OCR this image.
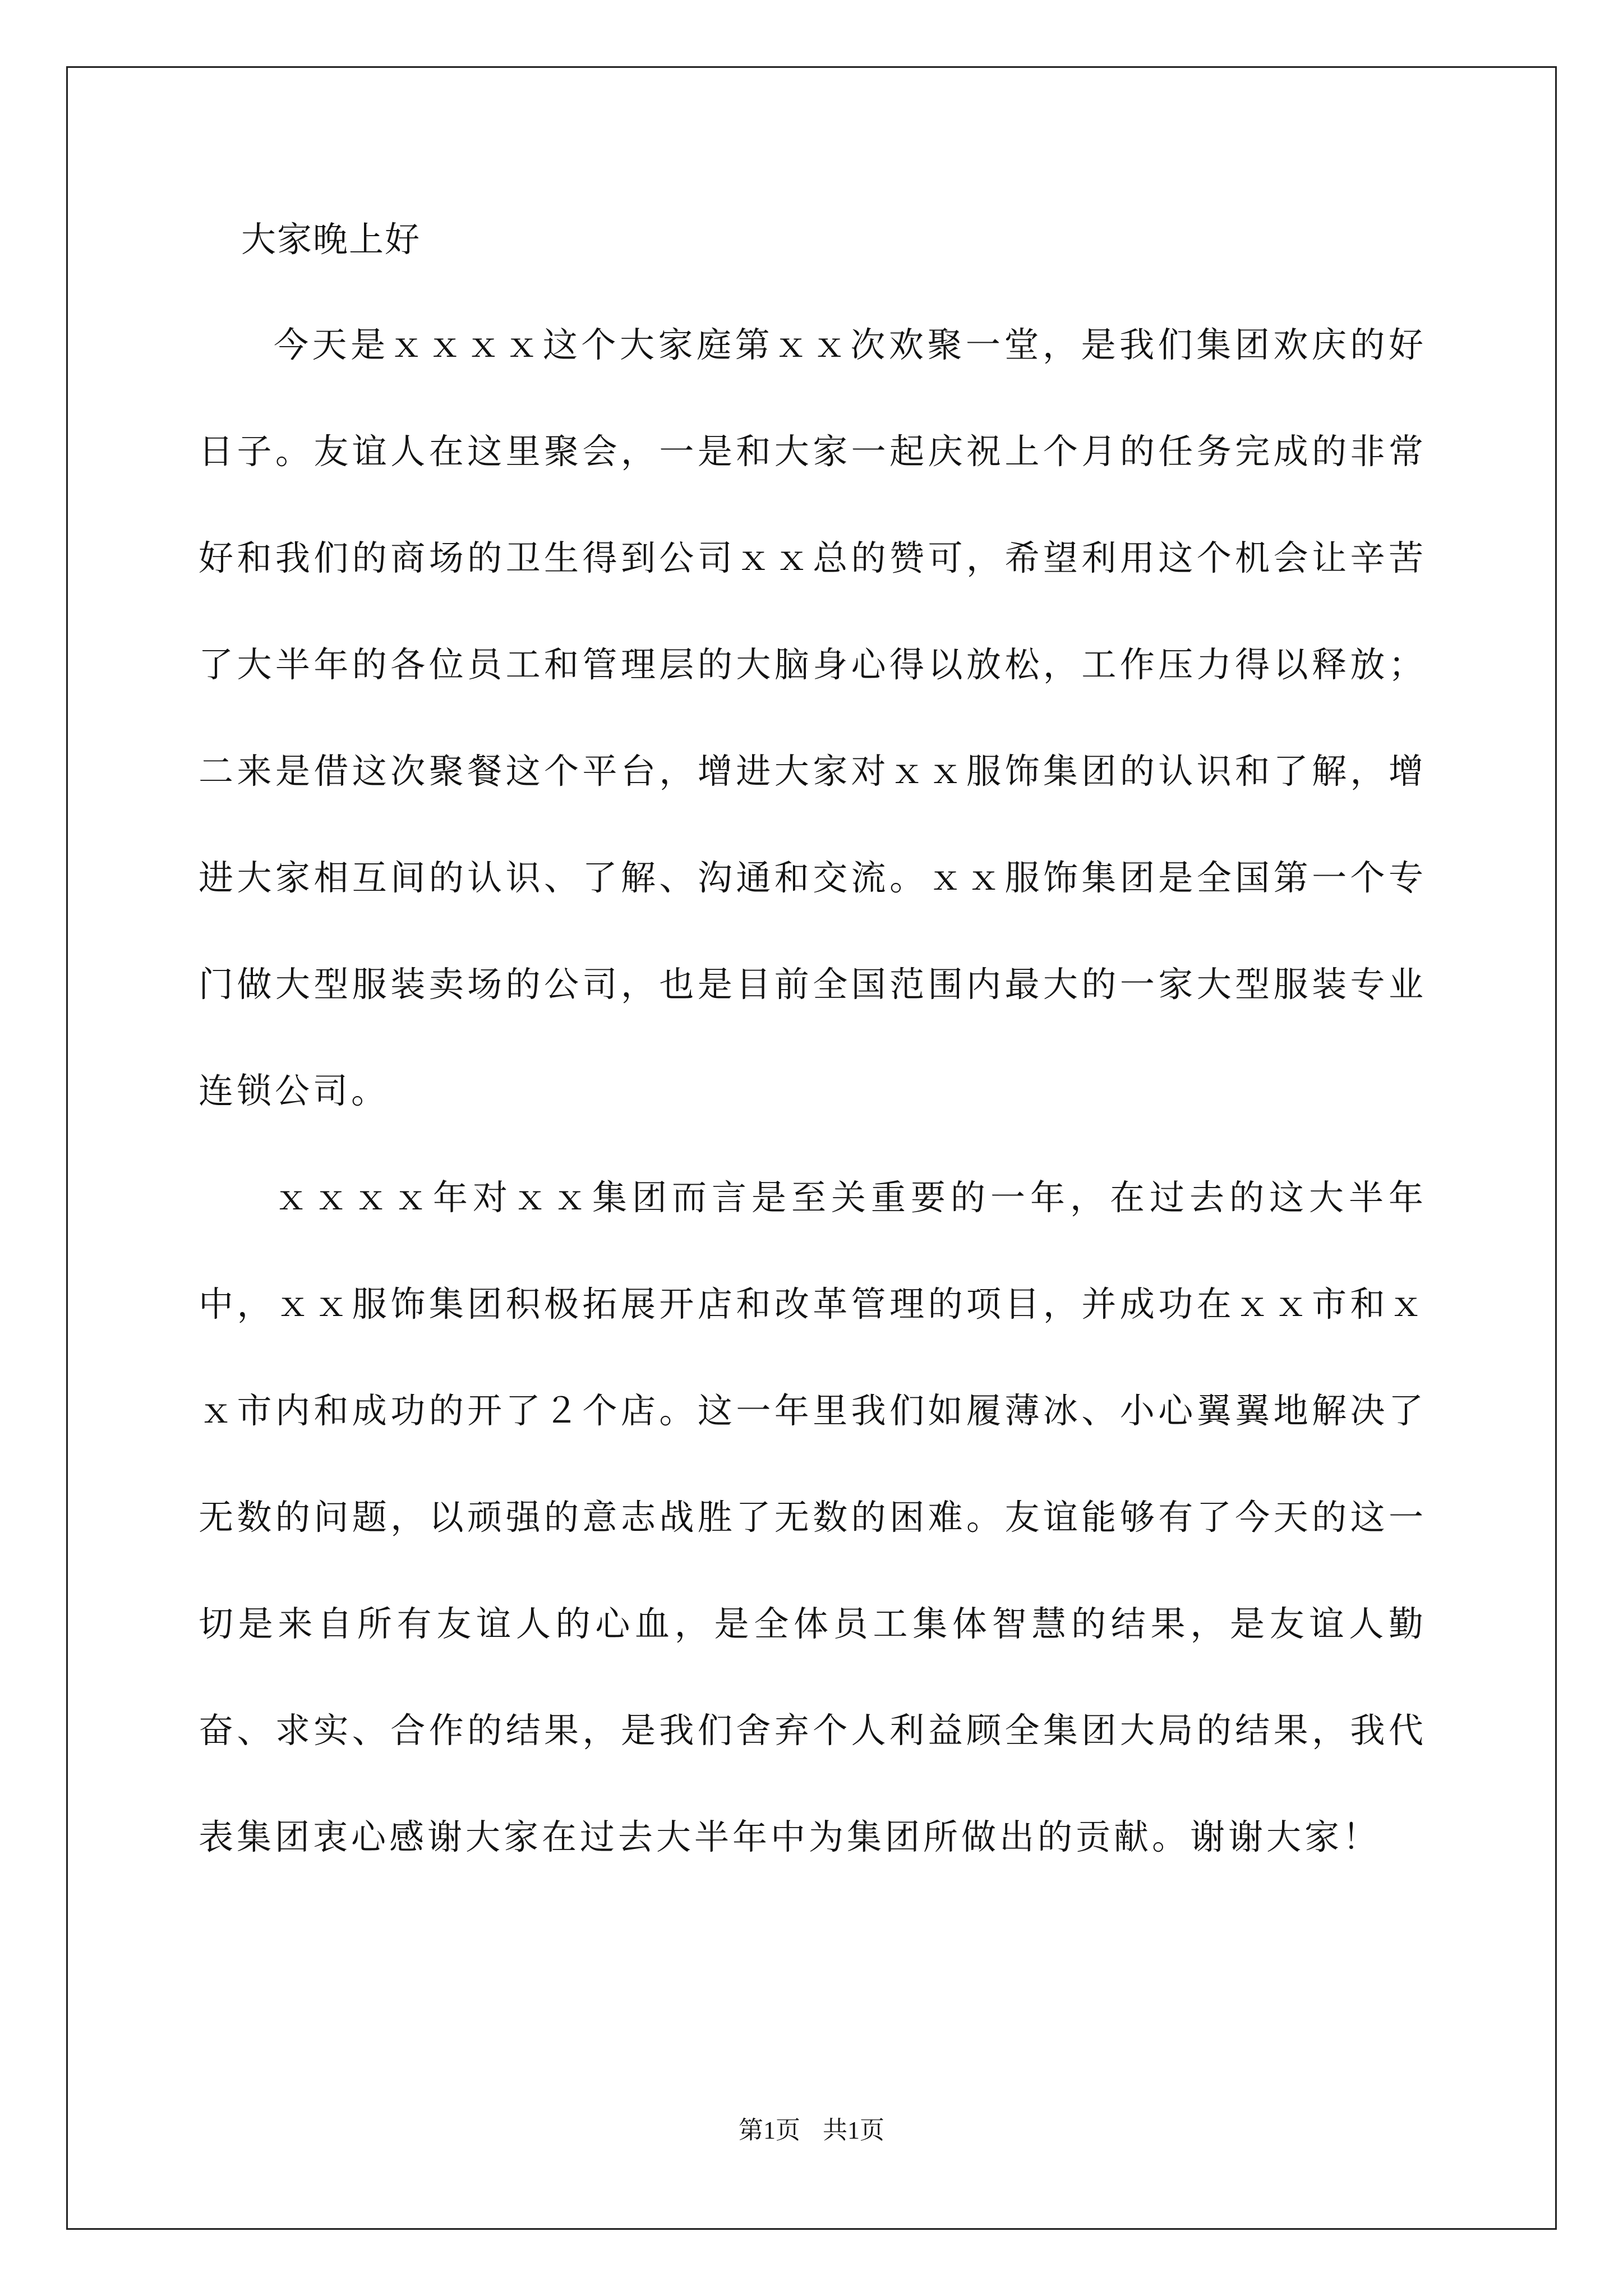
大家晚上好

今天是ｘｘｘｘ这个大家庭第ｘｘ次欢聚一堂，是我们集团欢庆的好日子。友谊人在这里聚会，一是和大家一起庆祝上个月的任务完成的非常好和我们的商场的卫生得到公司ｘｘ总的赞可，希望利用这个机会让辛苦了大半年的各位员工和管理层的大脑身心得以放松，工作压力得以释放；二来是借这次聚餐这个平台，增进大家对ｘｘ服饰集团的认识和了解，增进大家相互间的认识、了解、沟通和交流。ｘｘ服饰集团是全国第一个专门做大型服装卖场的公司，也是目前全国范围内最大的一家大型服装专业连锁公司。

ｘｘｘｘ年对ｘｘ集团而言是至关重要的一年，在过去的这大半年中，ｘｘ服饰集团积极拓展开店和改革管理的项目，并成功在ｘｘ市和ｘｘ市内和成功的开了２个店。这一年里我们如履薄冰、小心翼翼地解决了无数的问题，以顽强的意志战胜了无数的困难。友谊能够有了今天的这一切是来自所有友谊人的心血，是全体员工集体智慧的结果，是友谊人勤奋、求实、合作的结果，是我们舍弃个人利益顾全集团大局的结果，我代表集团衷心感谢大家在过去大半年中为集团所做出的贡献。谢谢大家！

第1页 共1页
